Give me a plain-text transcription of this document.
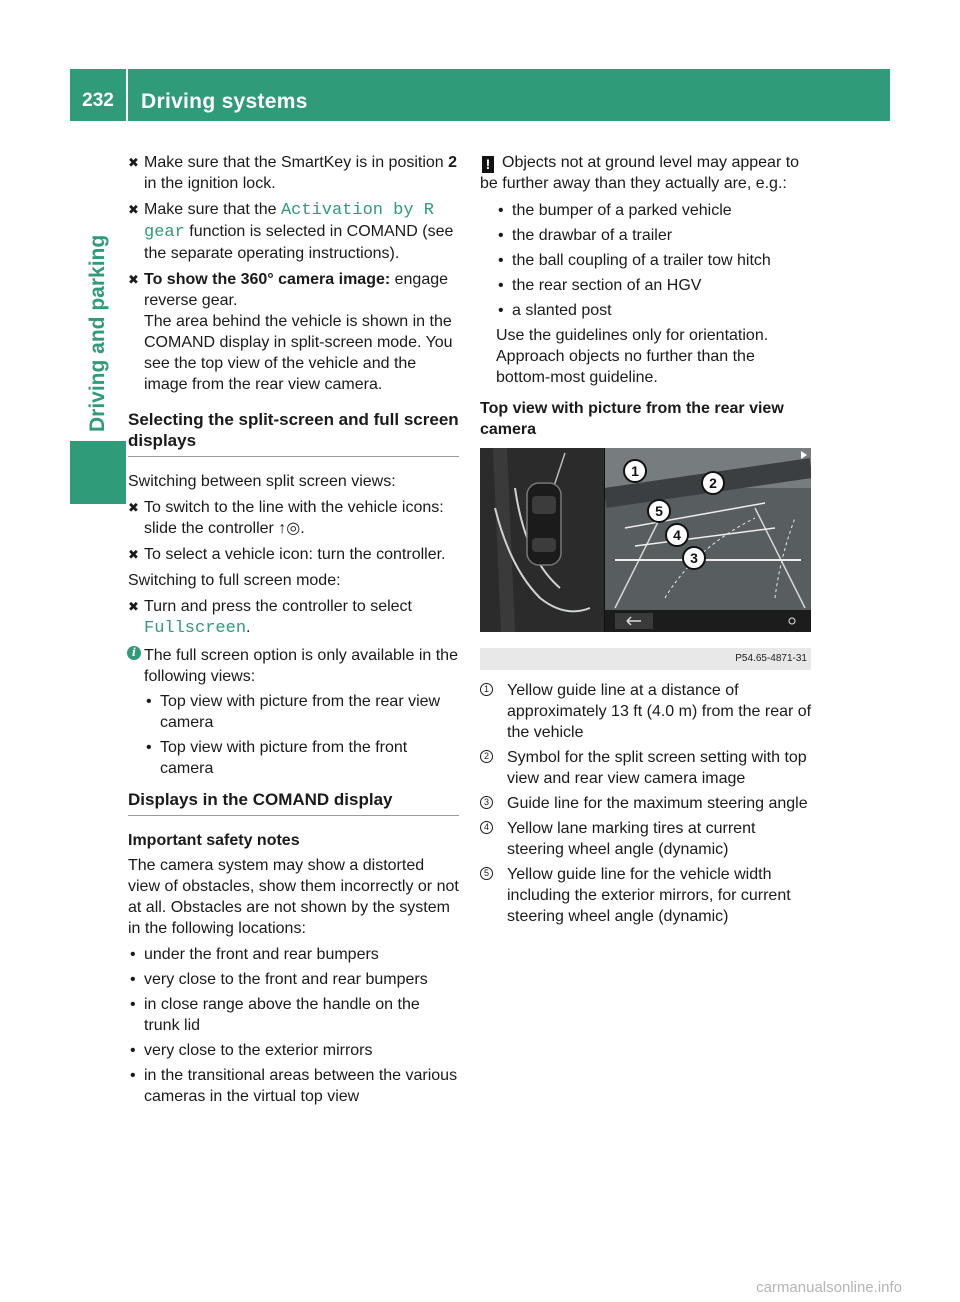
232	Driving systems
Driving and parking
✖ Make sure that the SmartKey is in position 2 in the ignition lock.
✖ Make sure that the Activation by R gear function is selected in COMAND (see the separate operating instructions).
✖ To show the 360° camera image: engage reverse gear.
The area behind the vehicle is shown in the COMAND display in split-screen mode. You see the top view of the vehicle and the image from the rear view camera.
Selecting the split-screen and full screen displays

Switching between split screen views:

✖ To switch to the line with the vehicle icons: slide the controller ↑◎.
✖ To select a vehicle icon: turn the controller.

Switching to full screen mode:

✖ Turn and press the controller to select
Fullscreen.
i The full screen option is only available in the following views:
• Top view with picture from the rear view camera
• Top view with picture from the front camera
Displays in the COMAND display
Important safety notes

The camera system may show a distorted view of obstacles, show them incorrectly or not at all. Obstacles are not shown by the system in the following locations:

• under the front and rear bumpers
• very close to the front and rear bumpers
• in close range above the handle on the trunk lid
• very close to the exterior mirrors
• in the transitional areas between the various cameras in the virtual top view
! Objects not at ground level may appear to be further away than they actually are, e.g.:
• the bumper of a parked vehicle
• the drawbar of a trailer
• the ball coupling of a trailer tow hitch
• the rear section of an HGV
• a slanted post

Use the guidelines only for orientation. Approach objects no further than the bottom-most guideline.

Top view with picture from the rear view camera
1
2
5
4
3
P54.65-4871-31
1 Yellow guide line at a distance of approximately 13 ft (4.0 m) from the rear of the vehicle
2 Symbol for the split screen setting with top view and rear view camera image
3 Guide line for the maximum steering angle
4 Yellow lane marking tires at current steering wheel angle (dynamic)
5 Yellow guide line for the vehicle width including the exterior mirrors, for current steering wheel angle (dynamic)
carmanualsonline.info
